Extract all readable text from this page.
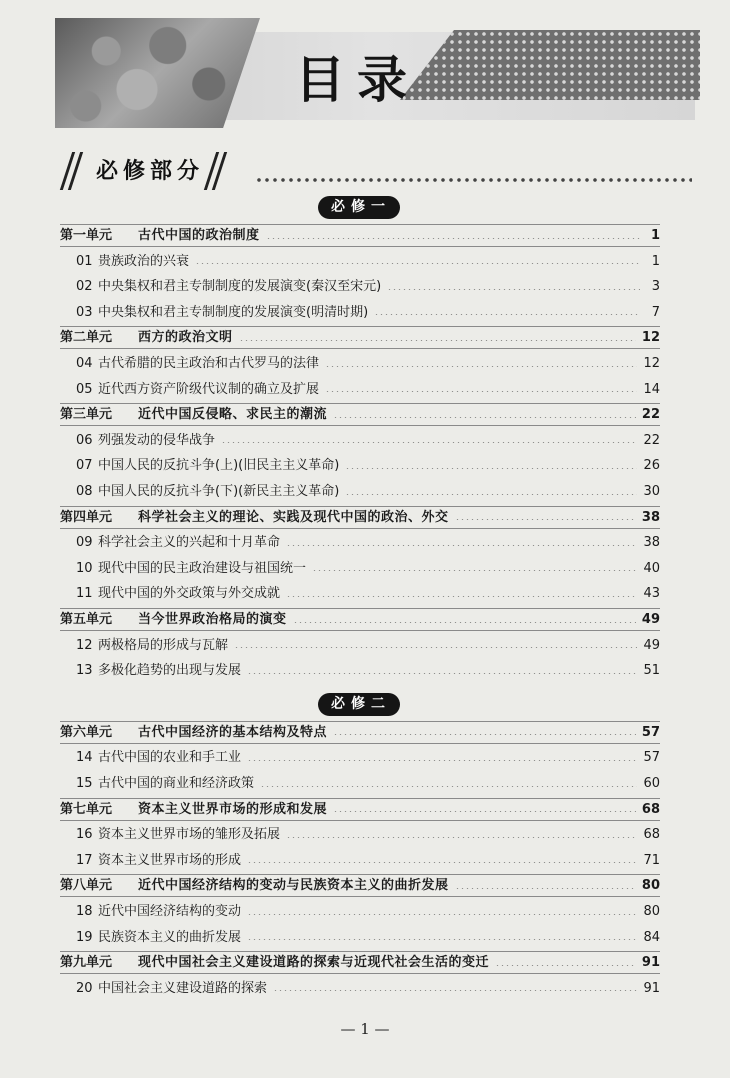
目录
必修部分
必修一
第一单元	古代中国的政治制度	1
01 贵族政治的兴衰	1
02 中央集权和君主专制制度的发展演变(秦汉至宋元)	3
03 中央集权和君主专制制度的发展演变(明清时期)	7
第二单元	西方的政治文明	12
04 古代希腊的民主政治和古代罗马的法律	12
05 近代西方资产阶级代议制的确立及扩展	14
第三单元	近代中国反侵略、求民主的潮流	22
06 列强发动的侵华战争	22
07 中国人民的反抗斗争(上)(旧民主主义革命)	26
08 中国人民的反抗斗争(下)(新民主主义革命)	30
第四单元	科学社会主义的理论、实践及现代中国的政治、外交	38
09 科学社会主义的兴起和十月革命	38
10 现代中国的民主政治建设与祖国统一	40
11 现代中国的外交政策与外交成就	43
第五单元	当今世界政治格局的演变	49
12 两极格局的形成与瓦解	49
13 多极化趋势的出现与发展	51
必修二
第六单元	古代中国经济的基本结构及特点	57
14 古代中国的农业和手工业	57
15 古代中国的商业和经济政策	60
第七单元	资本主义世界市场的形成和发展	68
16 资本主义世界市场的雏形及拓展	68
17 资本主义世界市场的形成	71
第八单元	近代中国经济结构的变动与民族资本主义的曲折发展	80
18 近代中国经济结构的变动	80
19 民族资本主义的曲折发展	84
第九单元	现代中国社会主义建设道路的探索与近现代社会生活的变迁	91
20 中国社会主义建设道路的探索	91
— 1 —
